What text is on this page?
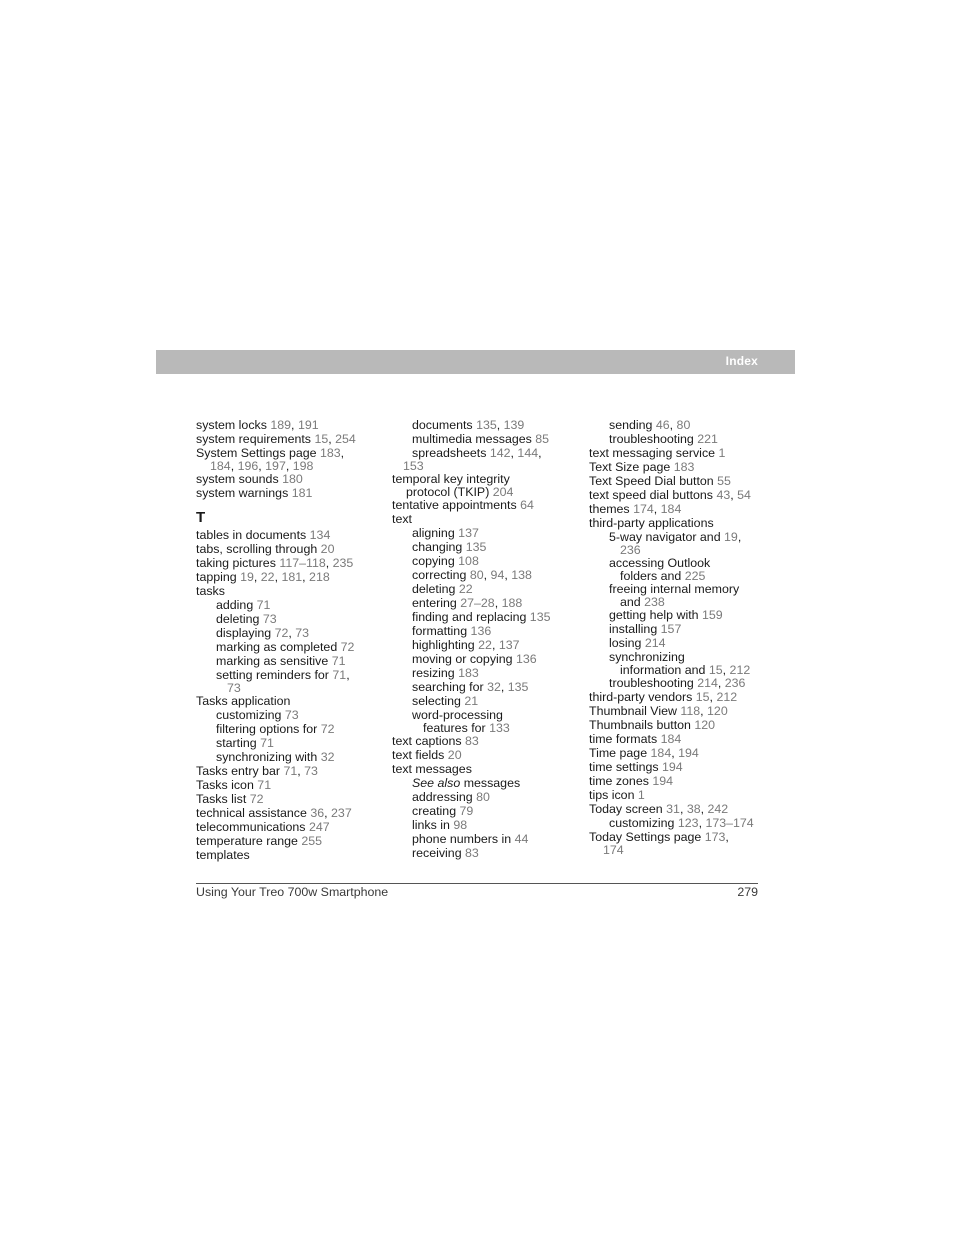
Index
system locks 189, 191
system requirements 15, 254
System Settings page 183,
184, 196, 197, 198
system sounds 180
system warnings 181
T
tables in documents 134
tabs, scrolling through 20
taking pictures 117–118, 235
tapping 19, 22, 181, 218
tasks
adding 71
deleting 73
displaying 72, 73
marking as completed 72
marking as sensitive 71
setting reminders for 71,
73
Tasks application
customizing 73
filtering options for 72
starting 71
synchronizing with 32
Tasks entry bar 71, 73
Tasks icon 71
Tasks list 72
technical assistance 36, 237
telecommunications 247
temperature range 255
templates
documents 135, 139
multimedia messages 85
spreadsheets 142, 144,
153
temporal key integrity
protocol (TKIP) 204
tentative appointments 64
text
aligning 137
changing 135
copying 108
correcting 80, 94, 138
deleting 22
entering 27–28, 188
finding and replacing 135
formatting 136
highlighting 22, 137
moving or copying 136
resizing 183
searching for 32, 135
selecting 21
word-processing
features for 133
text captions 83
text fields 20
text messages
See also messages
addressing 80
creating 79
links in 98
phone numbers in 44
receiving 83
sending 46, 80
troubleshooting 221
text messaging service 1
Text Size page 183
Text Speed Dial button 55
text speed dial buttons 43, 54
themes 174, 184
third-party applications
5-way navigator and 19,
236
accessing Outlook
folders and 225
freeing internal memory
and 238
getting help with 159
installing 157
losing 214
synchronizing
information and 15, 212
troubleshooting 214, 236
third-party vendors 15, 212
Thumbnail View 118, 120
Thumbnails button 120
time formats 184
Time page 184, 194
time settings 194
time zones 194
tips icon 1
Today screen 31, 38, 242
customizing 123, 173–174
Today Settings page 173,
174
Using Your Treo 700w Smartphone	279
